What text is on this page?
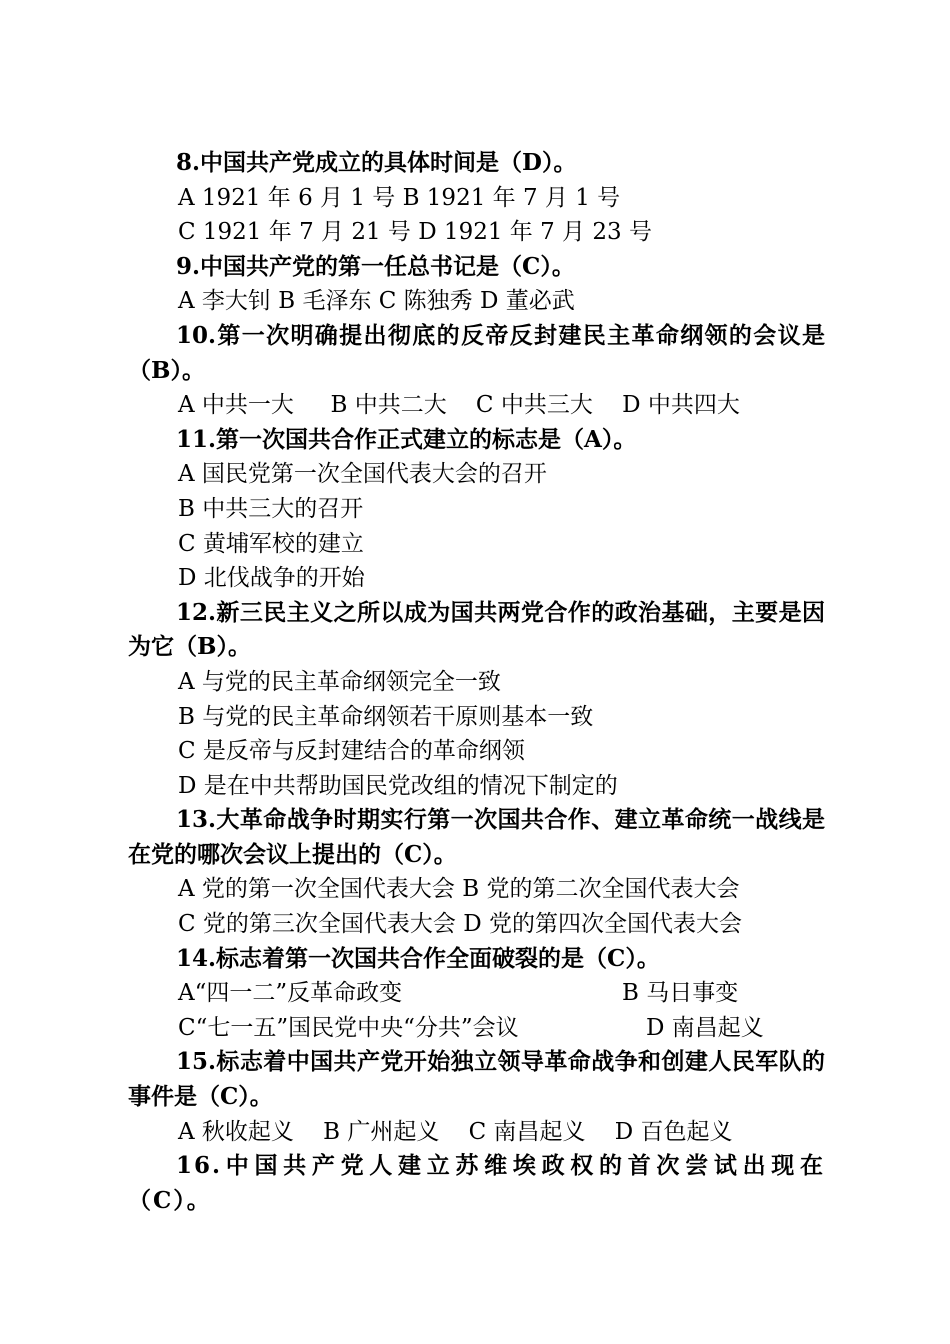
8.中国共产党成立的具体时间是（D）。
A 1921 年 6 月 1 号 B 1921 年 7 月 1 号
C 1921 年 7 月 21 号 D 1921 年 7 月 23 号
9.中国共产党的第一任总书记是（C）。
A 李大钊 B 毛泽东 C 陈独秀 D 董必武
10.第一次明确提出彻底的反帝反封建民主革命纲领的会议是（B）。
A 中共一大     B 中共二大    C 中共三大    D 中共四大
11.第一次国共合作正式建立的标志是（A）。
A 国民党第一次全国代表大会的召开
B 中共三大的召开
C 黄埔军校的建立
D 北伐战争的开始
12.新三民主义之所以成为国共两党合作的政治基础，主要是因为它（B）。
A 与党的民主革命纲领完全一致
B 与党的民主革命纲领若干原则基本一致
C 是反帝与反封建结合的革命纲领
D 是在中共帮助国民党改组的情况下制定的
13.大革命战争时期实行第一次国共合作、建立革命统一战线是在党的哪次会议上提出的（C）。
A 党的第一次全国代表大会 B 党的第二次全国代表大会
C 党的第三次全国代表大会 D 党的第四次全国代表大会
14.标志着第一次国共合作全面破裂的是（C）。
A“四一二”反革命政变	B 马日事变
C“七一五”国民党中央“分共”会议	D 南昌起义
15.标志着中国共产党开始独立领导革命战争和创建人民军队的事件是（C）。
A 秋收起义    B 广州起义    C 南昌起义    D 百色起义
16.中国共产党人建立苏维埃政权的首次尝试出现在（C）。
